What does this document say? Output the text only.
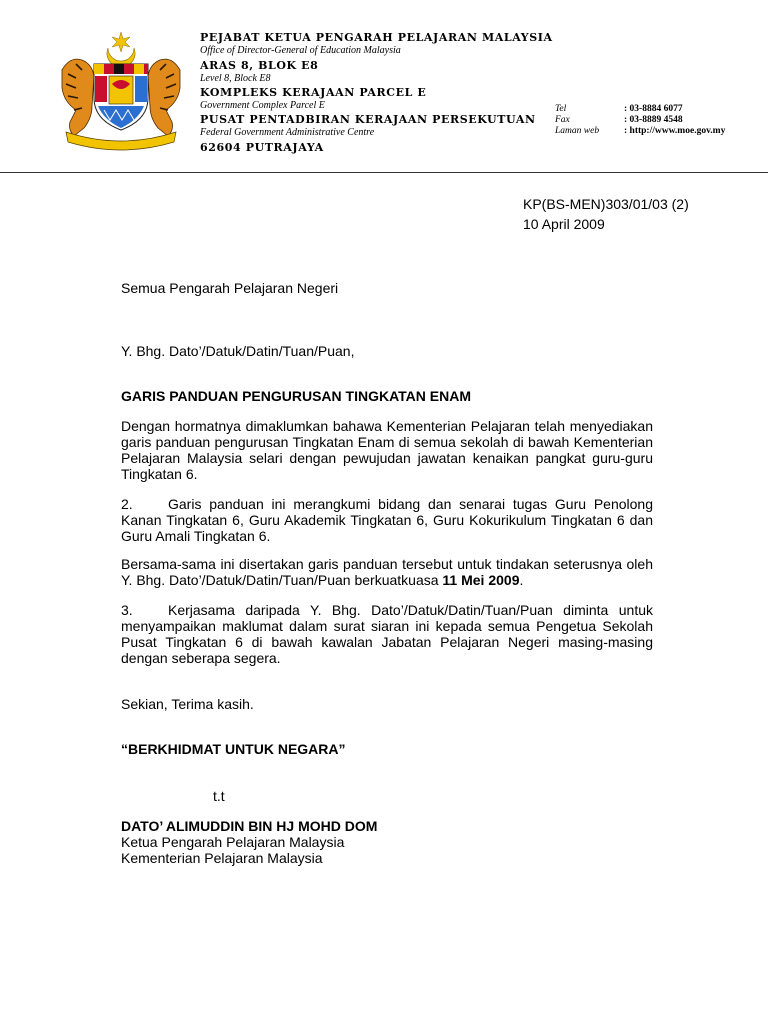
PEJABAT KETUA PENGARAH PELAJARAN MALAYSIA
Office of Director-General of Education Malaysia
ARAS 8, BLOK E8
Level 8, Block E8
KOMPLEKS KERAJAAN PARCEL E
Government Complex Parcel E
PUSAT PENTADBIRAN KERAJAAN PERSEKUTUAN
Federal Government Administrative Centre
62604 PUTRAJAYA
Tel	: 03-8884 6077
Fax	: 03-8889 4548
Laman web	: http://www.moe.gov.my
KP(BS-MEN)303/01/03 (2)
10 April 2009
Semua Pengarah Pelajaran Negeri
Y. Bhg. Dato’/Datuk/Datin/Tuan/Puan,
GARIS PANDUAN PENGURUSAN TINGKATAN ENAM
Dengan hormatnya dimaklumkan bahawa Kementerian Pelajaran telah menyediakan garis panduan pengurusan Tingkatan Enam di semua sekolah di bawah Kementerian Pelajaran Malaysia selari dengan pewujudan jawatan kenaikan pangkat guru-guru Tingkatan 6.
2.	Garis panduan ini merangkumi bidang dan senarai tugas Guru Penolong Kanan Tingkatan 6, Guru Akademik Tingkatan 6, Guru Kokurikulum Tingkatan 6 dan Guru Amali Tingkatan 6.
Bersama-sama ini disertakan garis panduan tersebut untuk tindakan seterusnya oleh Y. Bhg. Dato’/Datuk/Datin/Tuan/Puan berkuatkuasa 11 Mei 2009.
3.	Kerjasama daripada Y. Bhg. Dato’/Datuk/Datin/Tuan/Puan diminta untuk menyampaikan maklumat dalam surat siaran ini kepada semua Pengetua Sekolah Pusat Tingkatan 6 di bawah kawalan Jabatan Pelajaran Negeri masing-masing dengan seberapa segera.
Sekian, Terima kasih.
“BERKHIDMAT UNTUK NEGARA”
t.t
DATO’ ALIMUDDIN BIN HJ MOHD DOM
Ketua Pengarah Pelajaran Malaysia
Kementerian Pelajaran Malaysia
